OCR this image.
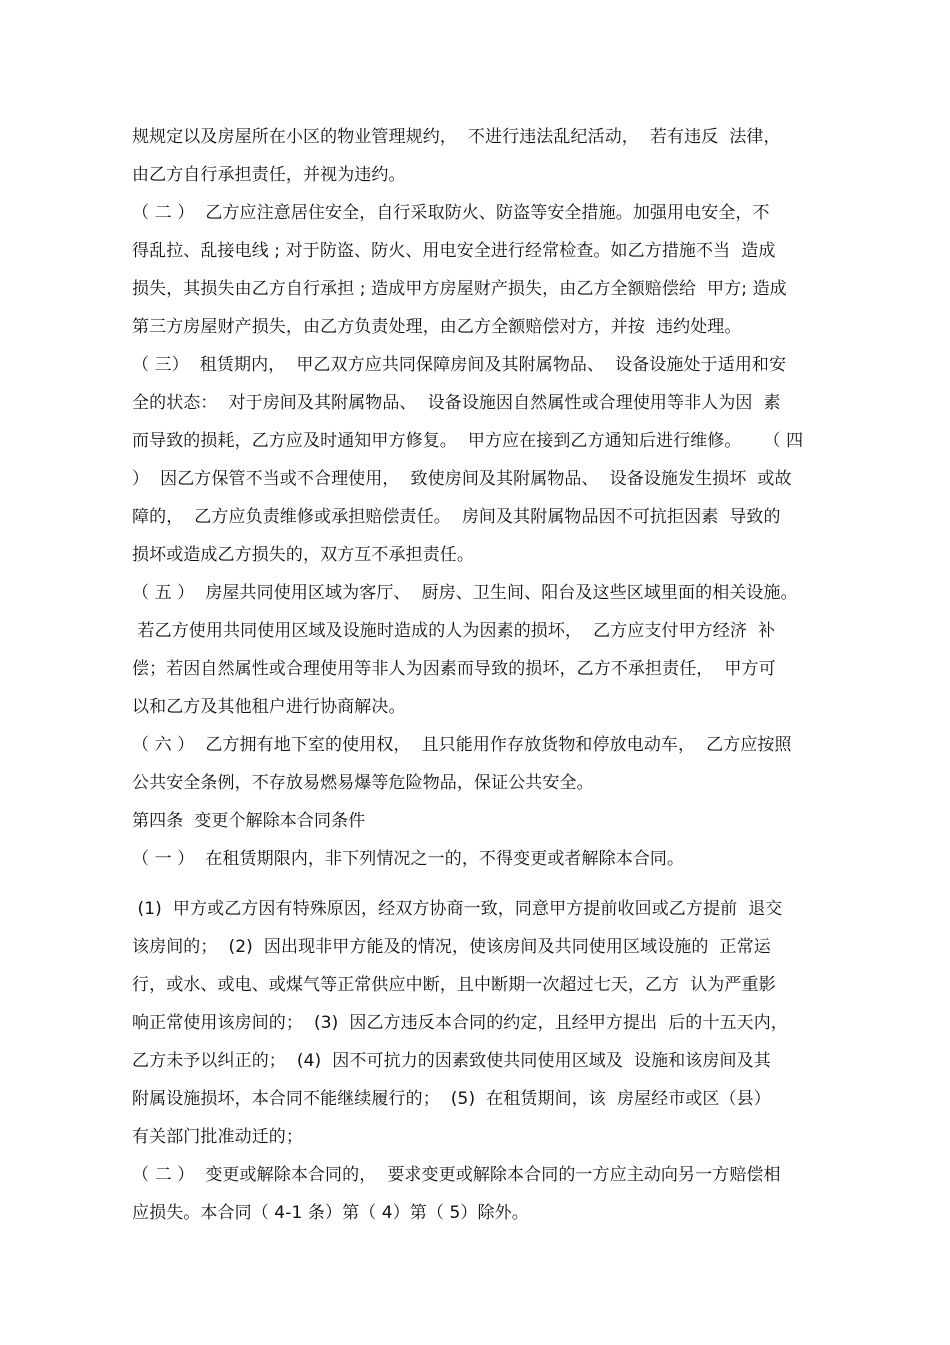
规规定以及房屋所在小区的物业管理规约，  不进行违法乱纪活动，  若有违反  法律，
由乙方自行承担责任，并视为违约。
（ 二 ）  乙方应注意居住安全，自行采取防火、防盗等安全措施。加强用电安全，不
得乱拉、乱接电线 ; 对于防盗、防火、用电安全进行经常检查。如乙方措施不当  造成
损失，其损失由乙方自行承担 ; 造成甲方房屋财产损失，由乙方全额赔偿给  甲方; 造成
第三方房屋财产损失，由乙方负责处理，由乙方全额赔偿对方，并按  违约处理。
（ 三）  租赁期内，  甲乙双方应共同保障房间及其附属物品、  设备设施处于适用和安
全的状态：  对于房间及其附属物品、  设备设施因自然属性或合理使用等非人为因  素
而导致的损耗，乙方应及时通知甲方修复。  甲方应在接到乙方通知后进行维修。    （ 四
）  因乙方保管不当或不合理使用，  致使房间及其附属物品、  设备设施发生损坏  或故
障的，  乙方应负责维修或承担赔偿责任。  房间及其附属物品因不可抗拒因素  导致的
损坏或造成乙方损失的，双方互不承担责任。
（ 五 ）  房屋共同使用区域为客厅、  厨房、卫生间、阳台及这些区域里面的相关设施。
若乙方使用共同使用区域及设施时造成的人为因素的损坏，  乙方应支付甲方经济  补
偿；若因自然属性或合理使用等非人为因素而导致的损坏，乙方不承担责任，  甲方可
以和乙方及其他租户进行协商解决。
（ 六 ）  乙方拥有地下室的使用权，  且只能用作存放货物和停放电动车，  乙方应按照
公共安全条例，不存放易燃易爆等危险物品，保证公共安全。
第四条  变更个解除本合同条件
（ 一 ）  在租赁期限内，非下列情况之一的，不得变更或者解除本合同。
(1)  甲方或乙方因有特殊原因，经双方协商一致，同意甲方提前收回或乙方提前  退交
该房间的；  (2)  因出现非甲方能及的情况，使该房间及共同使用区域设施的  正常运
行，或水、或电、或煤气等正常供应中断，且中断期一次超过七天，乙方  认为严重影
响正常使用该房间的；  (3)  因乙方违反本合同的约定，且经甲方提出  后的十五天内，
乙方未予以纠正的；  (4)  因不可抗力的因素致使共同使用区域及  设施和该房间及其
附属设施损坏，本合同不能继续履行的；  (5)  在租赁期间，该  房屋经市或区（县）
有关部门批准动迁的；
（ 二 ）  变更或解除本合同的，  要求变更或解除本合同的一方应主动向另一方赔偿相
应损失。本合同（ 4-1 条）第（ 4）第（ 5）除外。
